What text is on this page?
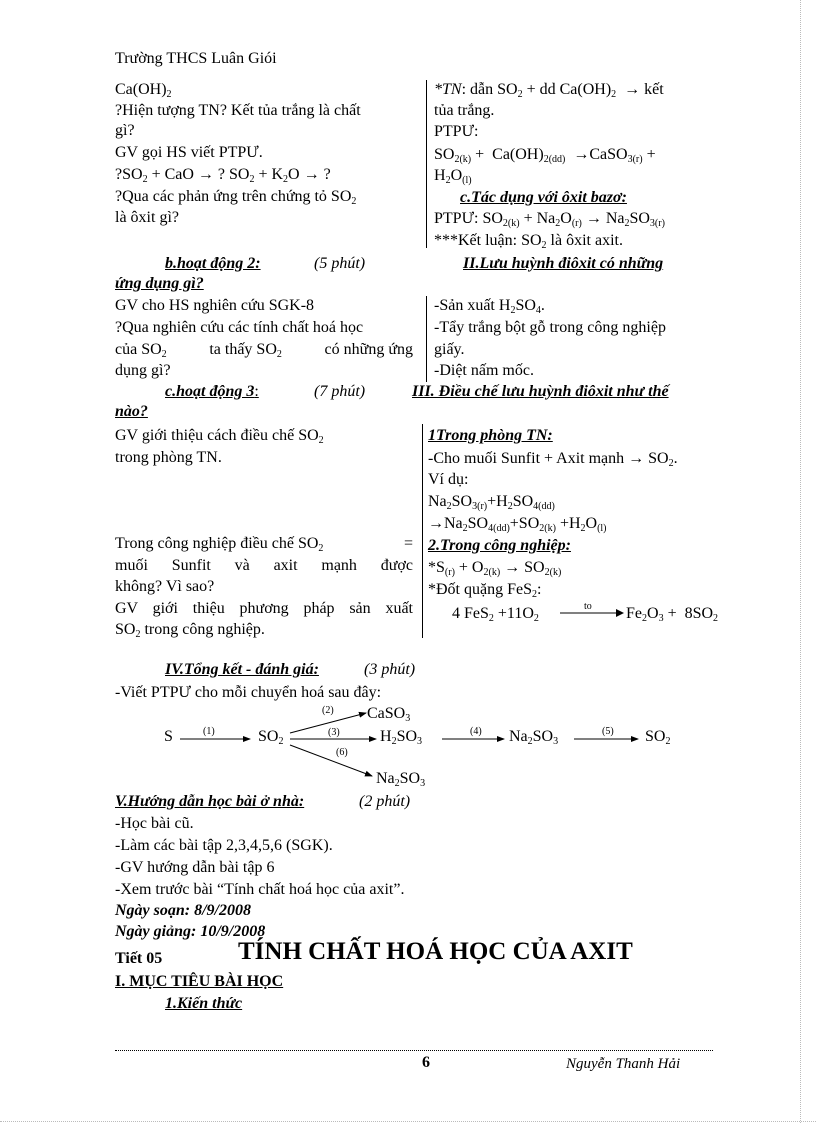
Trường THCS Luân Giói
$Ca(OH)_2$
?Hiện tượng TN? Kết tủa trắng là chất
gì?
GV gọi HS viết PTPƯ.
$?SO_2$ + CaO → ? $SO_2 + K_2O$ → ?
?Qua các phản ứng trên chứng tỏ $SO_2$
là ôxit gì?
*TN: dẫn $SO_2$ + dd $Ca(OH)_2$  → kết
tủa trắng.
PTPƯ:
$SO_{2(k)} + Ca(OH)_{2(dd)}$  →CaSO$_{3(r)}$ +
$H_2O_{(l)}$
c.Tác dụng với ôxit bazơ:
PTPƯ: $SO_{2(k)} + Na_2O_{(r)} \to Na_2SO_{3(r)}$
***Kết luận: $SO_2$ là ôxit axit.
b.hoạt động 2:	(5 phút)	II.Lưu huỳnh điôxit có những
ứng dụng gì?
GV cho HS nghiên cứu SGK-8
?Qua nghiên cứu các tính chất hoá học
của $SO_2$	ta thấy $SO_2$	có những ứng
dụng gì?
-Sản xuất $H_2SO_4$.
-Tẩy trắng bột gỗ trong công nghiệp
giấy.
-Diệt nấm mốc.
c.hoạt động 3:	(7 phút)	III. Điều chế lưu huỳnh điôxit như thế
nào?
GV giới thiệu cách điều chế $SO_2$
trong phòng TN.
Trong công nghiệp điều chế $SO_2$	=
muối Sunfit và axit mạnh được
không? Vì sao?
GV giới thiệu phương pháp sản xuất
$SO_2$ trong công nghiệp.
1Trong phòng TN:
-Cho muối Sunfit + Axit mạnh → $SO_2$.
Ví dụ:
$Na_2SO_{3(r)}+H_2SO_{4(dd)}$
$\to Na_2SO_{4(dd)}+SO_{2(k)} +H_2O_{(l)}$
2.Trong công nghiệp:
$*S_{(r)} + O_{2(k)} \to SO_{2(k)}$
*Đốt quặng FeS$_2$:
4 $FeS_2 +11O_2$
to → $Fe_2O_3 + 8SO_2$
IV.Tổng kết - đánh giá:	(3 phút)
-Viết PTPƯ cho mỗi chuyển hoá sau đây:
S	$SO_2$
CaSO$_3$
$H_2SO_3$	$Na_2SO_3$	$SO_2$
$Na_2SO_3$
(1)
(2)
(3)	(4)	(5)
(6)
V.Hướng dẫn học bài ở nhà:	(2 phút)
-Học bài cũ.
-Làm các bài tập 2,3,4,5,6 (SGK).
-GV hướng dẫn bài tập 6
-Xem trước bài “Tính chất hoá học của axit”.
Ngày soạn: 8/9/2008
Ngày giảng: 10/9/2008
Tiết 05	TÍNH CHẤT HOÁ HỌC CỦA AXIT
I. MỤC TIÊU BÀI HỌC
1.Kiến thức
6	Nguyễn Thanh Hải
